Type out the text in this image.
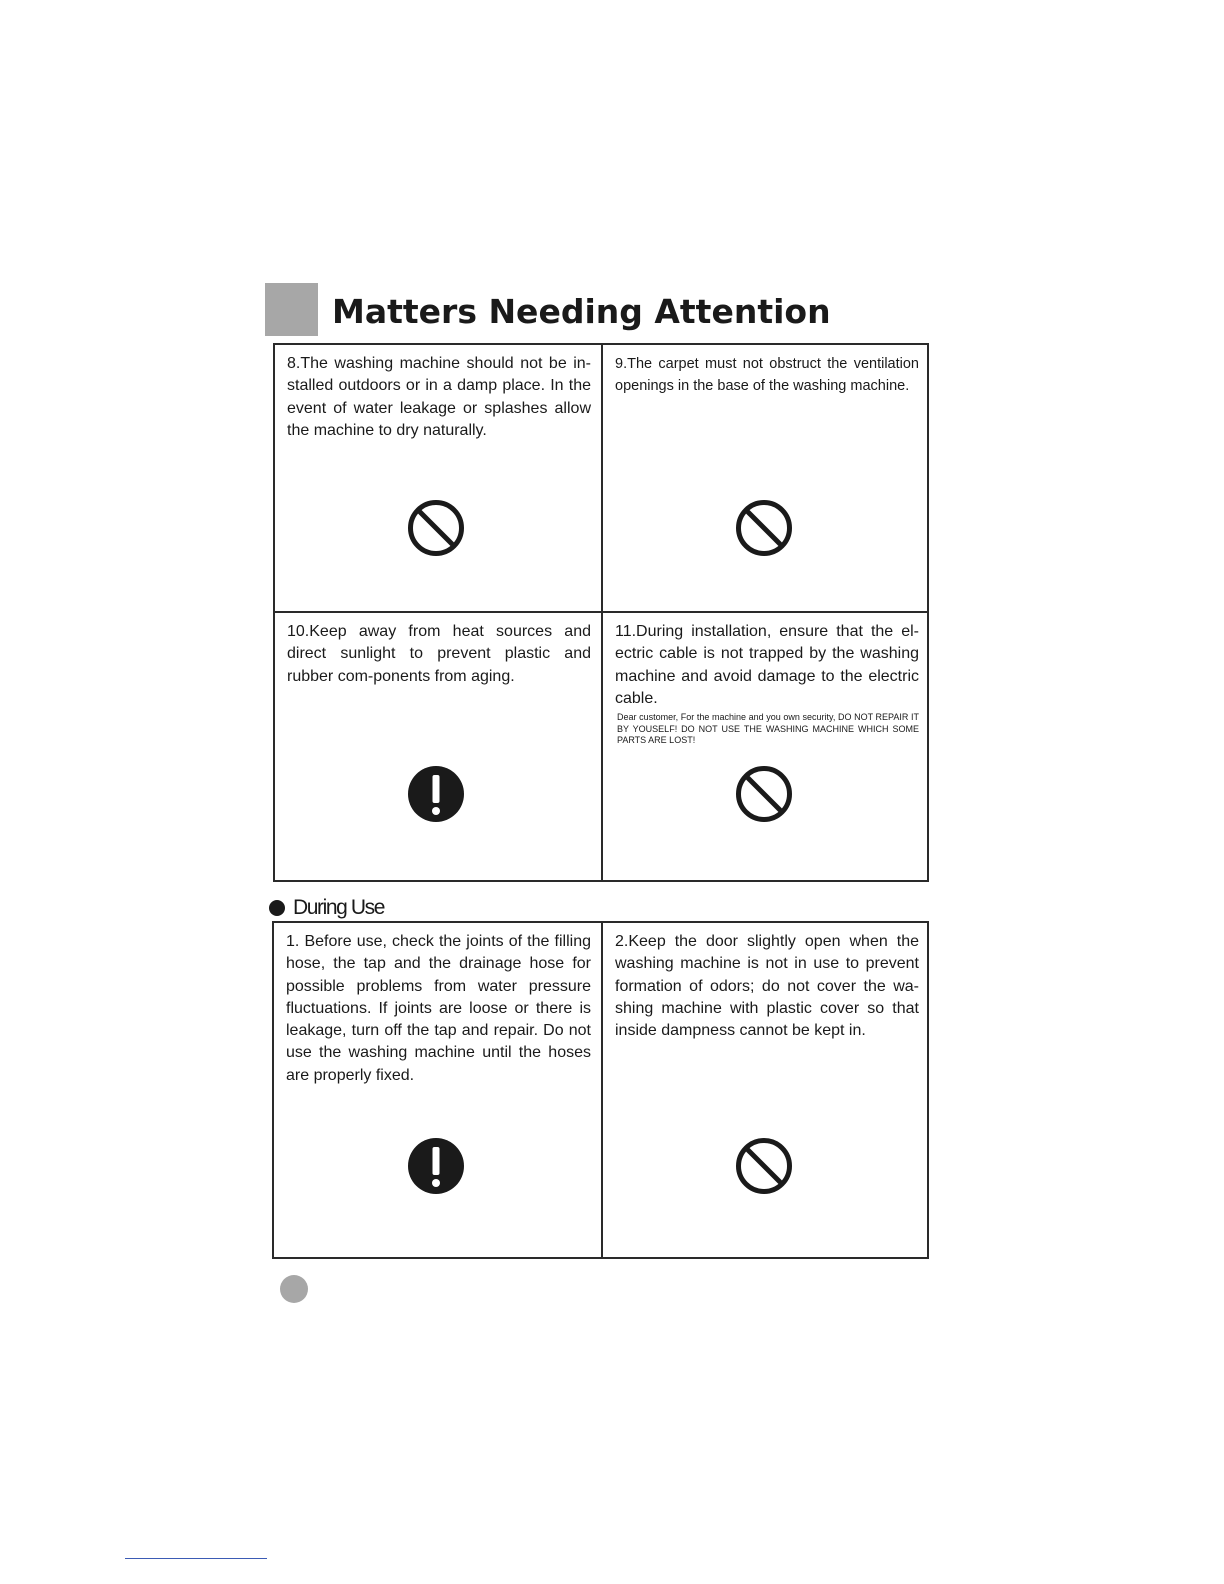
Matters Needing Attention

8.The washing machine should not be in-stalled outdoors or in a damp place. In the event of water leakage or splashes allow the machine to dry naturally.

9.The carpet must not obstruct the ventilation openings in the base of the washing machine.

10.Keep away from heat sources and direct sunlight to prevent plastic and rubber com-ponents from aging.

11.During installation, ensure that the el-ectric cable is not trapped by the washing machine and avoid damage to the electric cable.

Dear customer, For the machine and you own security, DO NOT REPAIR IT BY YOUSELF! DO NOT USE THE WASHING MACHINE WHICH SOME PARTS ARE LOST!

During Use

1. Before use, check the joints of the filling hose, the tap and the drainage hose for possible problems from water pressure fluctuations. If joints are loose or there is leakage, turn off the tap and repair. Do not use the washing machine until the hoses are properly fixed.

2.Keep the door slightly open when the washing machine is not in use to prevent formation of odors; do not cover the wa-shing machine with plastic cover so that inside dampness cannot be kept in.
